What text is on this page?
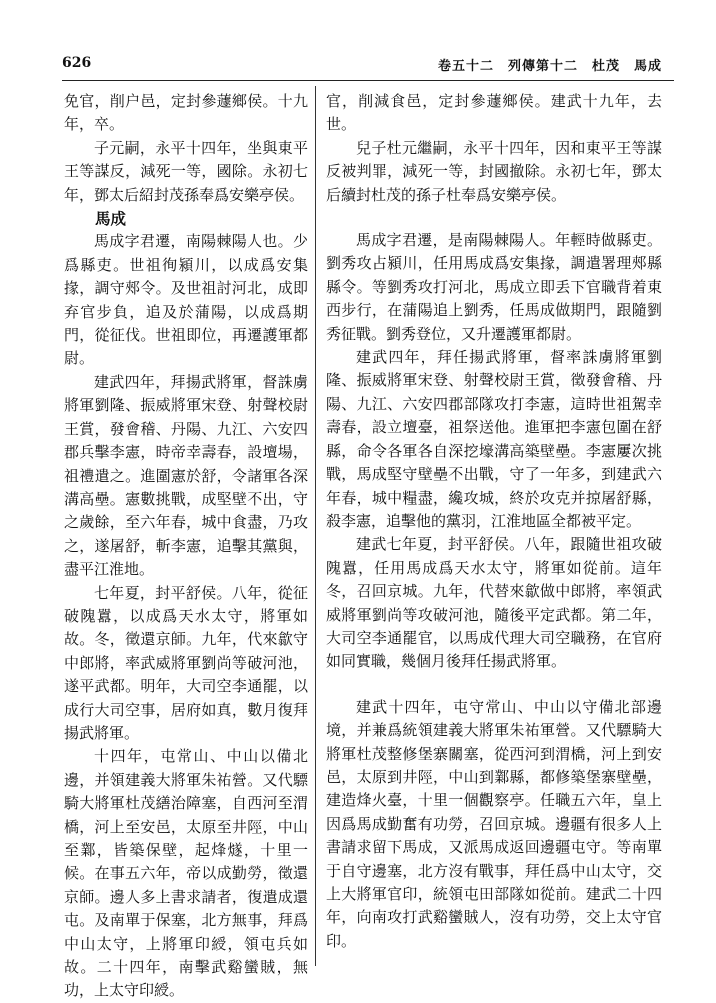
626	卷五十二　列傳第十二　杜茂　馬成

免官，削户邑，定封參蘧鄉侯。十九年，卒。

子元嗣，永平十四年，坐與東平王等謀反，減死一等，國除。永初七年，鄧太后紹封茂孫奉爲安樂亭侯。

馬成

馬成字君遷，南陽棘陽人也。少爲縣吏。世祖徇潁川，以成爲安集掾，調守郟令。及世祖討河北，成即弃官步負，追及於蒲陽，以成爲期門，從征伐。世祖即位，再遷護軍都尉。

建武四年，拜揚武將軍，督誅虜將軍劉隆、振威將軍宋登、射聲校尉王賞，發會稽、丹陽、九江、六安四郡兵擊李憲，時帝幸壽春，設壇場，祖禮遣之。進圍憲於舒，令諸軍各深溝高壘。憲數挑戰，成堅壁不出，守之歲餘，至六年春，城中食盡，乃攻之，遂屠舒，斬李憲，追擊其黨與，盡平江淮地。

七年夏，封平舒侯。八年，從征破隗囂，以成爲天水太守，將軍如故。冬，徵還京師。九年，代來歙守中郎將，率武威將軍劉尚等破河池，遂平武都。明年，大司空李通罷，以成行大司空事，居府如真，數月復拜揚武將軍。

十四年，屯常山、中山以備北邊，并領建義大將軍朱祐營。又代驃騎大將軍杜茂繕治障塞，自西河至渭橋，河上至安邑，太原至井陘，中山至鄴，皆築保壁，起烽燧，十里一候。在事五六年，帝以成勤勞，徵還京師。邊人多上書求請者，復遣成還屯。及南單于保塞，北方無事，拜爲中山太守，上將軍印綬，領屯兵如故。二十四年，南擊武谿蠻賊，無功，上太守印綬。

官，削減食邑，定封參蘧鄉侯。建武十九年，去世。

兒子杜元繼嗣，永平十四年，因和東平王等謀反被判罪，減死一等，封國撤除。永初七年，鄧太后續封杜茂的孫子杜奉爲安樂亭侯。

馬成字君遷，是南陽棘陽人。年輕時做縣吏。劉秀攻占潁川，任用馬成爲安集掾，調遣署理郟縣縣令。等劉秀攻打河北，馬成立即丢下官職背着東西步行，在蒲陽追上劉秀，任馬成做期門，跟隨劉秀征戰。劉秀登位，又升遷護軍都尉。

建武四年，拜任揚武將軍，督率誅虜將軍劉隆、振威將軍宋登、射聲校尉王賞，徵發會稽、丹陽、九江、六安四郡部隊攻打李憲，這時世祖駕幸壽春，設立壇臺，祖祭送他。進軍把李憲包圍在舒縣，命令各軍各自深挖壕溝高築壁壘。李憲屢次挑戰，馬成堅守壁壘不出戰，守了一年多，到建武六年春，城中糧盡，纔攻城，終於攻克并掠屠舒縣，殺李憲，追擊他的黨羽，江淮地區全都被平定。

建武七年夏，封平舒侯。八年，跟隨世祖攻破隗囂，任用馬成爲天水太守，將軍如從前。這年冬，召回京城。九年，代替來歙做中郎將，率領武威將軍劉尚等攻破河池，隨後平定武都。第二年，大司空李通罷官，以馬成代理大司空職務，在官府如同實職，幾個月後拜任揚武將軍。

建武十四年，屯守常山、中山以守備北部邊境，并兼爲統領建義大將軍朱祐軍營。又代驃騎大將軍杜茂整修堡寨關塞，從西河到渭橋，河上到安邑，太原到井陘，中山到鄴縣，都修築堡寨壁壘，建造烽火臺，十里一個觀察亭。任職五六年，皇上因爲馬成勤奮有功勞，召回京城。邊疆有很多人上書請求留下馬成，又派馬成返回邊疆屯守。等南單于自守邊塞，北方沒有戰事，拜任爲中山太守，交上大將軍官印，統領屯田部隊如從前。建武二十四年，向南攻打武谿蠻賊人，沒有功勞，交上太守官印。
